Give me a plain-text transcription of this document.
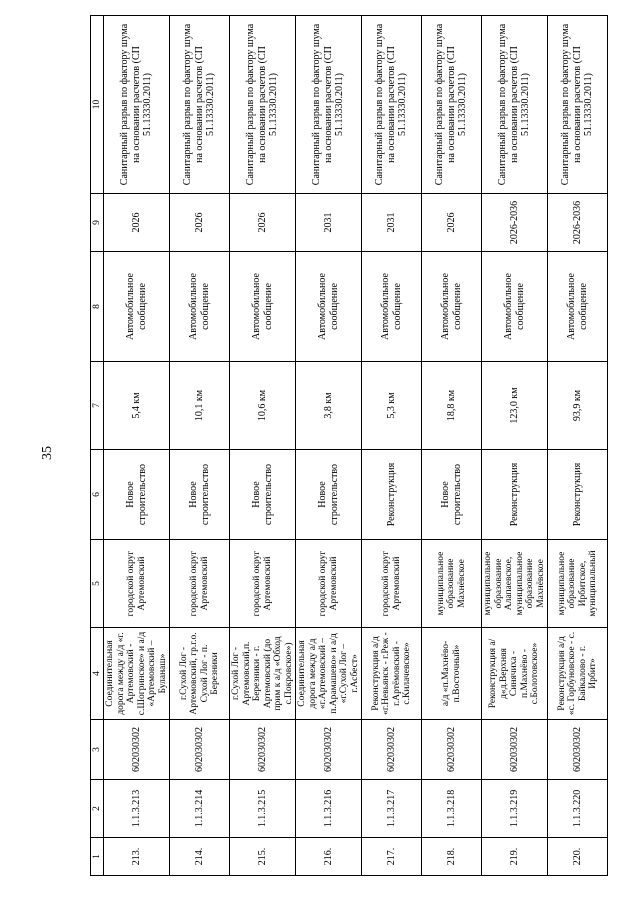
35
1	2	3	4	5	6	7	8	9	10
213.	1.1.3.213	602030302	Соединительная дорога между а/д «г. Артемовский - с.Шогринское» и а/д «Артемовский – Буланаш»	городской округ Артемовский	Новое строительство	5,4 км	Автомобильное сообщение	2026	Санитарный разрыв по фактору шума на основании расчетов (СП 51.13330.2011)
214.	1.1.3.214	602030302	г.Сухой Лог - Артемовский, гр.г.о. Сухой Лог - п. Березники	городской округ Артемовский	Новое строительство	10,1 км	Автомобильное сообщение	2026	Санитарный разрыв по фактору шума на основании расчетов (СП 51.13330.2011)
215.	1.1.3.215	602030302	г.Сухой Лог - Артемовский,п. Березники - г. Артемовский (до прим к а/д «Обход с.Покровское»)	городской округ Артемовский	Новое строительство	10,6 км	Автомобильное сообщение	2026	Санитарный разрыв по фактору шума на основании расчетов (СП 51.13330.2011)
216.	1.1.3.216	602030302	Соединительная дорога между а/д «г.Артемовский – п.Арамашево» и а/д «г.Сухой Лог – г.Асбест»	городской округ Артемовский	Новое строительство	3,8 км	Автомобильное сообщение	2031	Санитарный разрыв по фактору шума на основании расчетов (СП 51.13330.2011)
217.	1.1.3.217	602030302	Реконструкция а/д «г.Невьянск - г.Реж - г.Артёмовский - с.Килачевское»	городской округ Артемовский	Реконструкция	5,3 км	Автомобильное сообщение	2031	Санитарный разрыв по фактору шума на основании расчетов (СП 51.13330.2011)
218.	1.1.3.218	602030302	а/д «п.Махнёво- п.Восточный»	муниципальное образование Махнёвское	Новое строительство	18,8 км	Автомобильное сообщение	2026	Санитарный разрыв по фактору шума на основании расчетов (СП 51.13330.2011)
219.	1.1.3.219	602030302	Реконструкция а/д«д.Верхняя Синячиха - п.Махнёво - с.Болотовское»	муниципальное образование Алапаевское, муниципальное образование Махнёвское	Реконструкция	123,0 км	Автомобильное сообщение	2026-2036	Санитарный разрыв по фактору шума на основании расчетов (СП 51.13330.2011)
220.	1.1.3.220	602030302	Реконструкция а/д «с. Горбуновское - с. Байкалово - г. Ирбит»	муниципальное образование Ирбитское, муниципальный	Реконструкция	93,9 км	Автомобильное сообщение	2026-2036	Санитарный разрыв по фактору шума на основании расчетов (СП 51.13330.2011)
